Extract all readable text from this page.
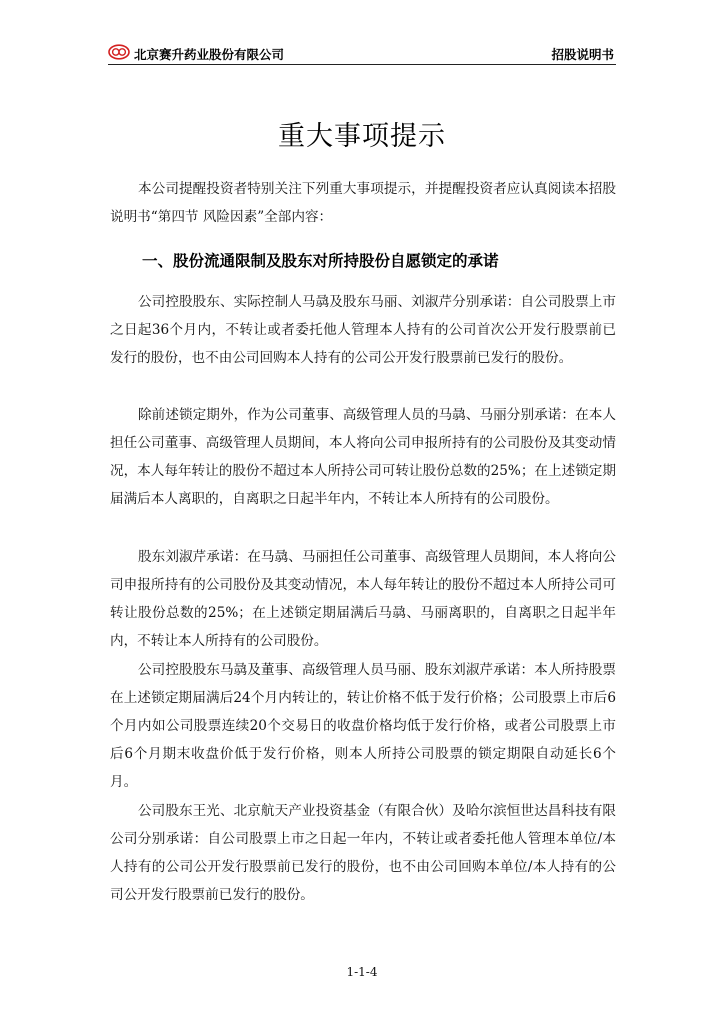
北京赛升药业股份有限公司	招股说明书
重大事项提示

本公司提醒投资者特别关注下列重大事项提示，并提醒投资者应认真阅读本招股说明书“第四节 风险因素”全部内容：

一、股份流通限制及股东对所持股份自愿锁定的承诺

公司控股股东、实际控制人马骉及股东马丽、刘淑芹分别承诺：自公司股票上市之日起36个月内，不转让或者委托他人管理本人持有的公司首次公开发行股票前已发行的股份，也不由公司回购本人持有的公司公开发行股票前已发行的股份。

除前述锁定期外，作为公司董事、高级管理人员的马骉、马丽分别承诺：在本人担任公司董事、高级管理人员期间，本人将向公司申报所持有的公司股份及其变动情况，本人每年转让的股份不超过本人所持公司可转让股份总数的25%；在上述锁定期届满后本人离职的，自离职之日起半年内，不转让本人所持有的公司股份。

股东刘淑芹承诺：在马骉、马丽担任公司董事、高级管理人员期间，本人将向公司申报所持有的公司股份及其变动情况，本人每年转让的股份不超过本人所持公司可转让股份总数的25%；在上述锁定期届满后马骉、马丽离职的，自离职之日起半年内，不转让本人所持有的公司股份。

公司控股股东马骉及董事、高级管理人员马丽、股东刘淑芹承诺：本人所持股票在上述锁定期届满后24个月内转让的，转让价格不低于发行价格；公司股票上市后6个月内如公司股票连续20个交易日的收盘价格均低于发行价格，或者公司股票上市后6个月期末收盘价低于发行价格，则本人所持公司股票的锁定期限自动延长6个月。

公司股东王光、北京航天产业投资基金（有限合伙）及哈尔滨恒世达昌科技有限公司分别承诺：自公司股票上市之日起一年内，不转让或者委托他人管理本单位/本人持有的公司公开发行股票前已发行的股份，也不由公司回购本单位/本人持有的公司公开发行股票前已发行的股份。

1-1-4
